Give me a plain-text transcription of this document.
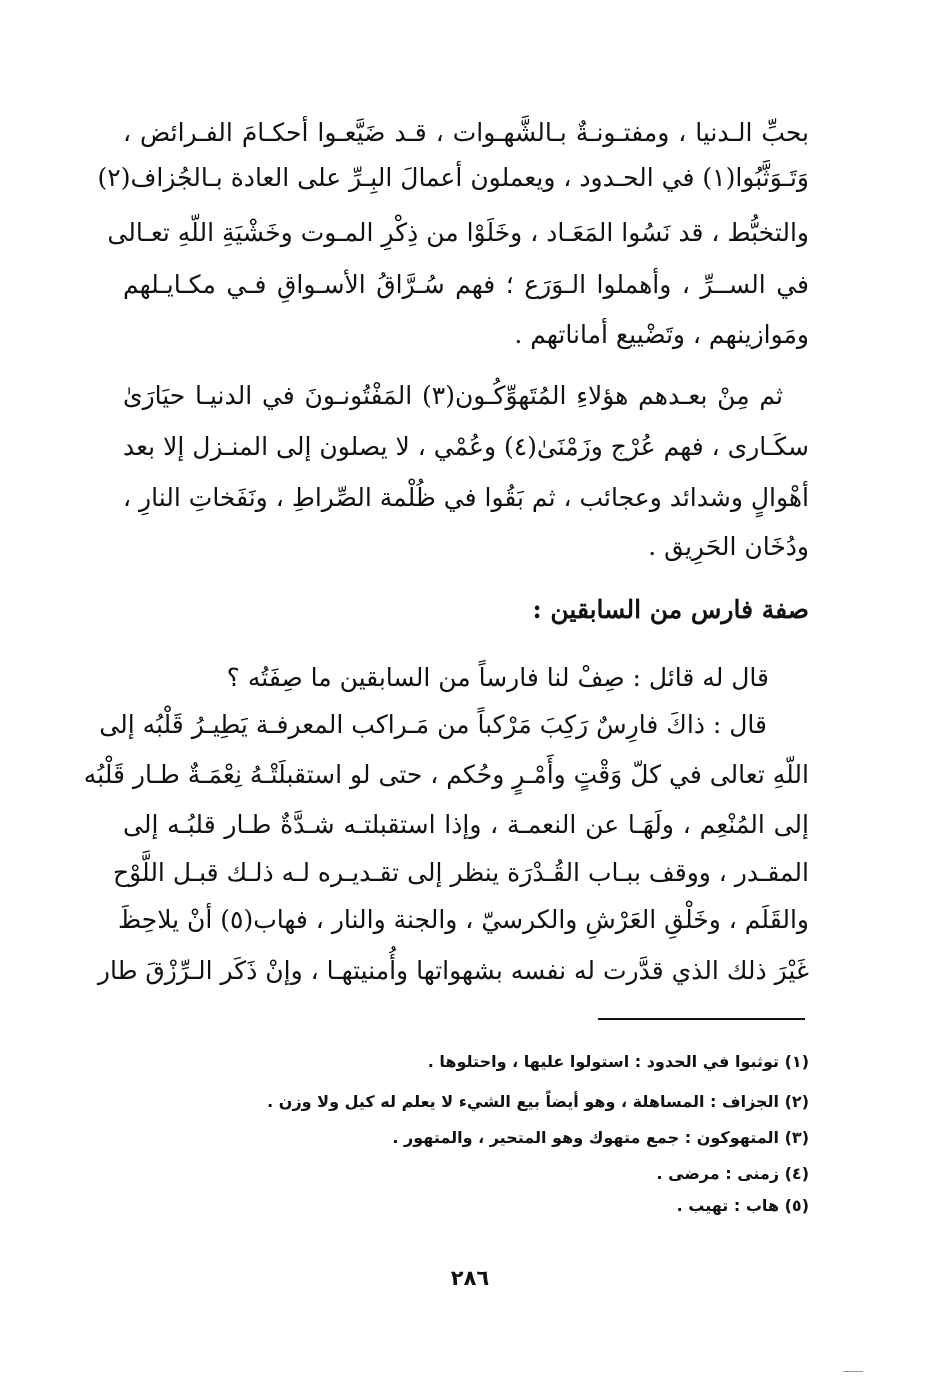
بحبِّ الـدنيا ، ومفتـونـةٌ بـالشَّهـوات ، قـد ضَيَّعـوا أحكـامَ الفـرائض ،
وَتَـوَثَّبُوا(١) في الحـدود ، ويعملون أعمالَ البِـرِّ على العادة بـالجُزاف(٢)
والتخبُّط ، قد نَسُوا المَعَـاد ، وخَلَوْا من ذِكْرِ المـوت وخَشْيَةِ اللّهِ تعـالى
في الســرِّ ، وأهملوا الـوَرَع ؛ فهم سُـرَّاقُ الأسـواقِ فـي مكـايـلهم
ومَوازينهم ، وتَضْييع أماناتهم .
ثم مِنْ بعـدهم هؤلاءِ المُتَهوِّكُـون(٣) المَفْتُونـونَ في الدنيـا حيَارَىٰ
سكَـارى ، فهم عُرْج وزَمْنَىٰ(٤) وعُمْي ، لا يصلون إلى المنـزل إلا بعد
أهْوالٍ وشدائد وعجائب ، ثم بَقُوا في ظُلْمة الصِّراطِ ، ونَفَخاتِ النارِ ،
ودُخَان الحَرِيق .
صفة فارس من السابقين :
قال له قائل : صِفْ لنا فارساً من السابقين ما صِفَتُه ؟
قال : ذاكَ فارِسٌ رَكِبَ مَرْكباً من مَـراكب المعرفـة يَطِيـرُ قَلْبُه إلى
اللّهِ تعالى في كلّ وَقْتٍ وأَمْـرٍ وحُكم ، حتى لو استقبلَتْـهُ نِعْمَـةٌ طـار قَلْبُه
إلى المُنْعِم ، ولَهَـا عن النعمـة ، وإذا استقبلتـه شـدَّةٌ طـار قلبُـه إلى
المقـدر ، ووقف ببـاب القُـدْرَة ينظر إلى تقـديـره لـه ذلـك قبـل اللَّوْح
والقَلَم ، وخَلْقِ العَرْشِ والكرسيّ ، والجنة والنار ، فهاب(٥) أنْ يلاحِظَ
غَيْرَ ذلك الذي قدَّرت له نفسه بشهواتها وأُمنيتهـا ، وإنْ ذَكَر الـرِّزْقَ طار
(١) توثبوا في الحدود : استولوا عليها ، واحتلوها .
(٢) الجزاف : المساهلة ، وهو أيضاً بيع الشيء لا يعلم له كيل ولا وزن .
(٣) المتهوكون : جمع متهوك وهو المتحير ، والمتهور .
(٤) زمنى : مرضى .
(٥) هاب : تهيب .
٢٨٦
